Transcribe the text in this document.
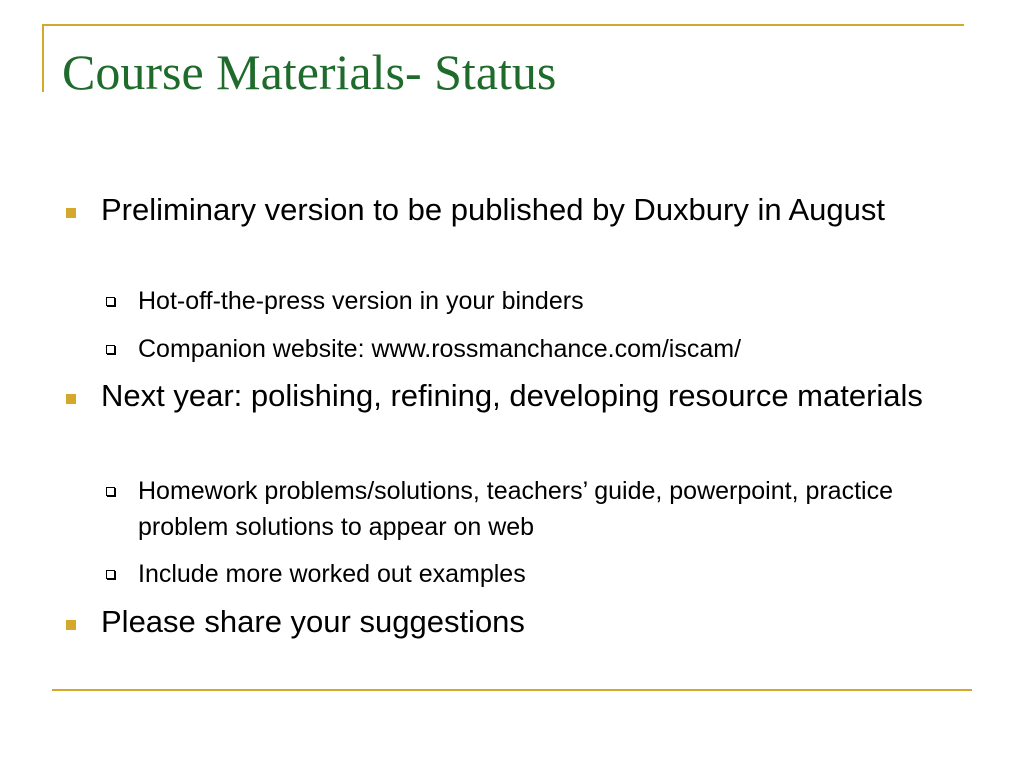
Course Materials- Status

Preliminary version to be published by Duxbury in August

Hot-off-the-press version in your binders

Companion website: www.rossmanchance.com/iscam/

Next year: polishing, refining, developing resource materials

Homework problems/solutions, teachers’ guide, powerpoint, practice problem solutions to appear on web

Include more worked out examples

Please share your suggestions
